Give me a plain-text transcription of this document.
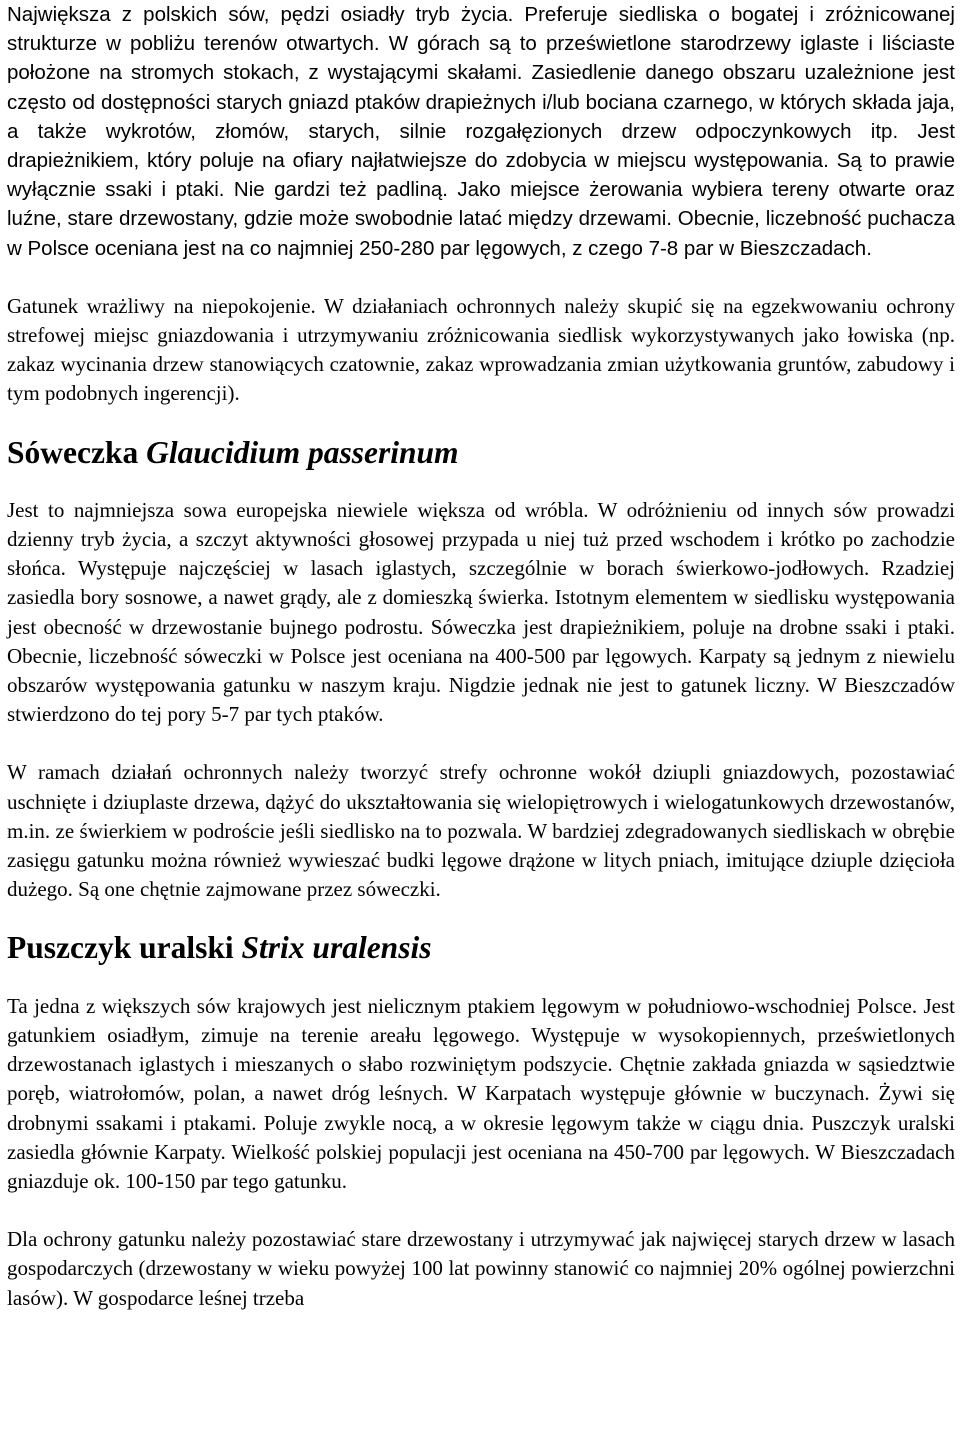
Największa z polskich sów, pędzi osiadły tryb życia. Preferuje siedliska o bogatej i zróżnicowanej strukturze w pobliżu terenów otwartych. W górach są to prześwietlone starodrzewy iglaste i liściaste położone na stromych stokach, z wystającymi skałami. Zasiedlenie danego obszaru uzależnione jest często od dostępności starych gniazd ptaków drapieżnych i/lub bociana czarnego, w których składa jaja, a także wykrotów, złomów, starych, silnie rozgałęzionych drzew odpoczynkowych itp. Jest drapieżnikiem, który poluje na ofiary najłatwiejsze do zdobycia w miejscu występowania. Są to prawie wyłącznie ssaki i ptaki. Nie gardzi też padliną. Jako miejsce żerowania wybiera tereny otwarte oraz luźne, stare drzewostany, gdzie może swobodnie latać między drzewami. Obecnie, liczebność puchacza w Polsce oceniana jest na co najmniej 250-280 par lęgowych, z czego 7-8 par w Bieszczadach.

Gatunek wrażliwy na niepokojenie. W działaniach ochronnych należy skupić się na egzekwowaniu ochrony strefowej miejsc gniazdowania i utrzymywaniu zróżnicowania siedlisk wykorzystywanych jako łowiska (np. zakaz wycinania drzew stanowiących czatownie, zakaz wprowadzania zmian użytkowania gruntów, zabudowy i tym podobnych ingerencji).

Sóweczka Glaucidium passerinum

Jest to najmniejsza sowa europejska niewiele większa od wróbla. W odróżnieniu od innych sów prowadzi dzienny tryb życia, a szczyt aktywności głosowej przypada u niej tuż przed wschodem i krótko po zachodzie słońca. Występuje najczęściej w lasach iglastych, szczególnie w borach świerkowo-jodłowych. Rzadziej zasiedla bory sosnowe, a nawet grądy, ale z domieszką świerka. Istotnym elementem w siedlisku występowania jest obecność w drzewostanie bujnego podrostu. Sóweczka jest drapieżnikiem, poluje na drobne ssaki i ptaki. Obecnie, liczebność sóweczki w Polsce jest oceniana na 400-500 par lęgowych. Karpaty są jednym z niewielu obszarów występowania gatunku w naszym kraju. Nigdzie jednak nie jest to gatunek liczny. W Bieszczadów stwierdzono do tej pory 5-7 par tych ptaków.

W ramach działań ochronnych należy tworzyć strefy ochronne wokół dziupli gniazdowych, pozostawiać uschnięte i dziuplaste drzewa, dążyć do ukształtowania się wielopiętrowych i wielogatunkowych drzewostanów, m.in. ze świerkiem w podroście jeśli siedlisko na to pozwala. W bardziej zdegradowanych siedliskach w obrębie zasięgu gatunku można również wywieszać budki lęgowe drążone w litych pniach, imitujące dziuple dzięcioła dużego. Są one chętnie zajmowane przez sóweczki.

Puszczyk uralski Strix uralensis

Ta jedna z większych sów krajowych jest nielicznym ptakiem lęgowym w południowo-wschodniej Polsce. Jest gatunkiem osiadłym, zimuje na terenie areału lęgowego. Występuje w wysokopiennych, prześwietlonych drzewostanach iglastych i mieszanych o słabo rozwiniętym podszycie. Chętnie zakłada gniazda w sąsiedztwie poręb, wiatrołomów, polan, a nawet dróg leśnych. W Karpatach występuje głównie w buczynach. Żywi się drobnymi ssakami i ptakami. Poluje zwykle nocą, a w okresie lęgowym także w ciągu dnia. Puszczyk uralski zasiedla głównie Karpaty. Wielkość polskiej populacji jest oceniana na 450-700 par lęgowych. W Bieszczadach gniazduje ok. 100-150 par tego gatunku.

Dla ochrony gatunku należy pozostawiać stare drzewostany i utrzymywać jak najwięcej starych drzew w lasach gospodarczych (drzewostany w wieku powyżej 100 lat powinny stanowić co najmniej 20% ogólnej powierzchni lasów). W gospodarce leśnej trzeba
